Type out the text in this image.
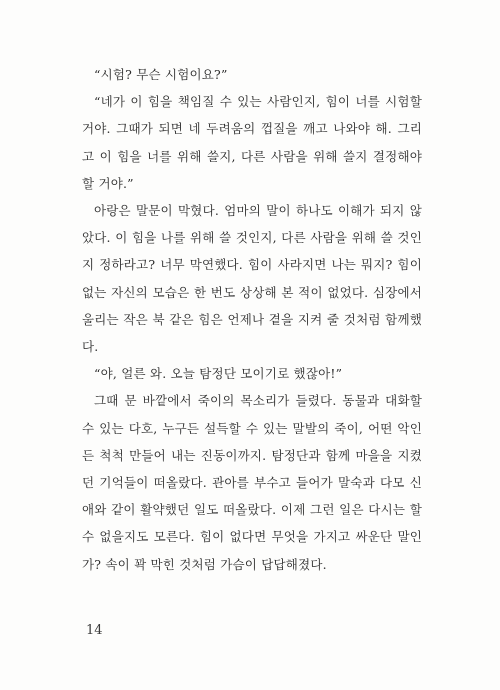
“시험? 무슨 시험이요?”

“네가 이 힘을 책임질 수 있는 사람인지, 힘이 너를 시험할 거야. 그때가 되면 네 두려움의 껍질을 깨고 나와야 해. 그리고 이 힘을 너를 위해 쓸지, 다른 사람을 위해 쓸지 결정해야 할 거야.”

아랑은 말문이 막혔다. 엄마의 말이 하나도 이해가 되지 않았다. 이 힘을 나를 위해 쓸 것인지, 다른 사람을 위해 쓸 것인지 정하라고? 너무 막연했다. 힘이 사라지면 나는 뭐지? 힘이 없는 자신의 모습은 한 번도 상상해 본 적이 없었다. 심장에서 울리는 작은 북 같은 힘은 언제나 곁을 지켜 줄 것처럼 함께했다.

“야, 얼른 와. 오늘 탐정단 모이기로 했잖아!”

그때 문 바깥에서 죽이의 목소리가 들렸다. 동물과 대화할 수 있는 다호, 누구든 설득할 수 있는 말발의 죽이, 어떤 악인든 척척 만들어 내는 진동이까지. 탐정단과 함께 마을을 지켰던 기억들이 떠올랐다. 관아를 부수고 들어가 말숙과 다모 신애와 같이 활약했던 일도 떠올랐다. 이제 그런 일은 다시는 할 수 없을지도 모른다. 힘이 없다면 무엇을 가지고 싸운단 말인가? 속이 꽉 막힌 것처럼 가슴이 답답해졌다.

14
